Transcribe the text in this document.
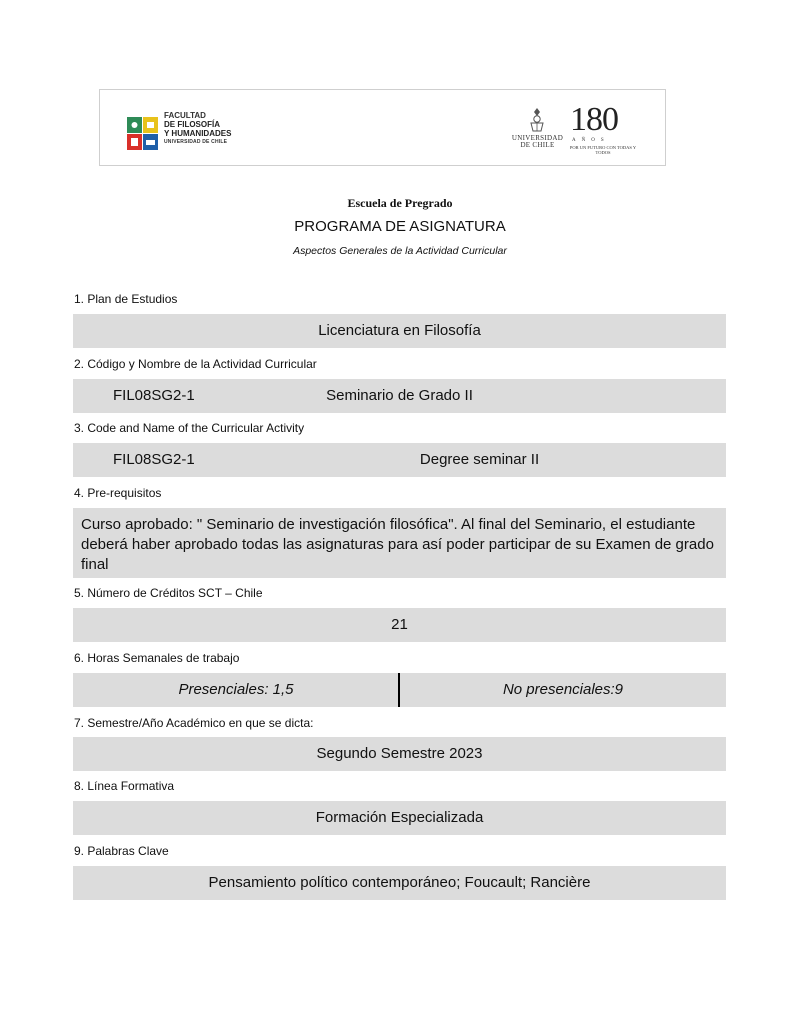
FACULTAD
DE FILOSOFÍA
Y HUMANIDADES
UNIVERSIDAD DE CHILE	UNIVERSIDAD DE CHILE
180
AÑOS
POR UN FUTURO CON TODAS Y TODOS
Escuela de Pregrado
PROGRAMA DE ASIGNATURA
Aspectos Generales de la Actividad Curricular
1. Plan de Estudios
Licenciatura en Filosofía
2. Código y Nombre de la Actividad Curricular
Seminario de Grado II
FIL08SG2-1
3. Code and Name of the Curricular Activity
Degree seminar II
FIL08SG2-1
4. Pre-requisitos
Curso aprobado: " Seminario de investigación filosófica". Al final del Seminario, el estudiante deberá haber aprobado todas las asignaturas para así poder participar de su Examen de grado final
5. Número de Créditos SCT – Chile
21
6. Horas Semanales de trabajo
Presenciales: 1,5	No presenciales:9
7. Semestre/Año Académico en que se dicta:
Segundo Semestre 2023
8. Línea Formativa
Formación Especializada
9. Palabras Clave
Pensamiento político contemporáneo; Foucault; Rancière
